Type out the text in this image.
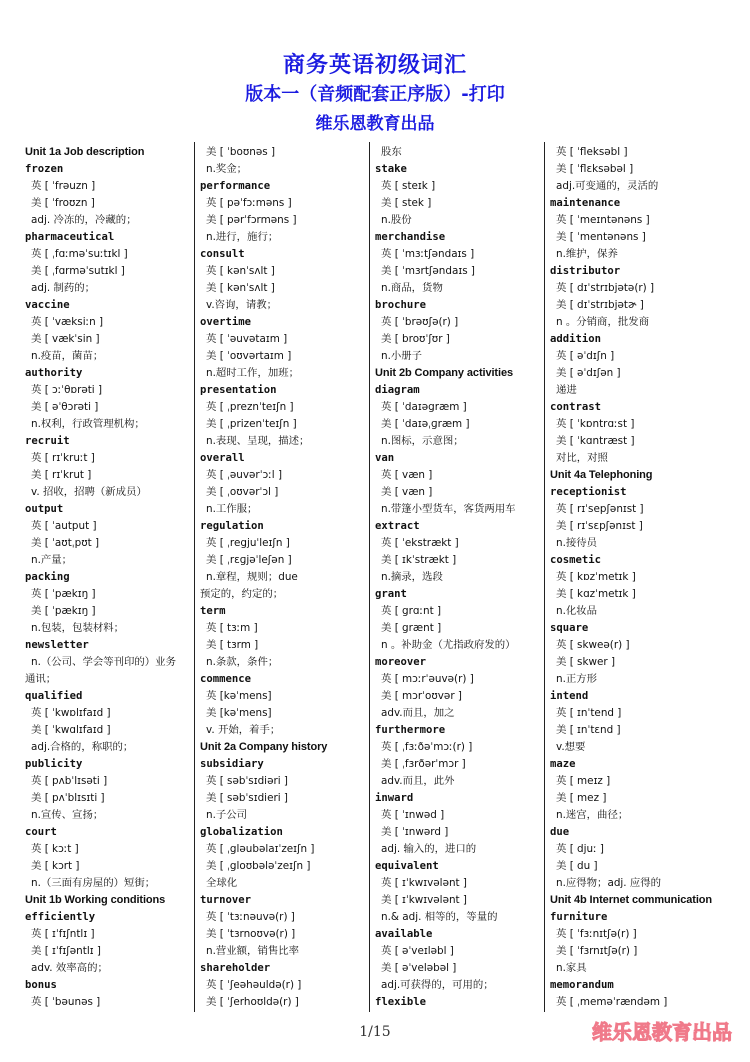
商务英语初级词汇
版本一（音频配套正序版）-打印
维乐恩教育出品
Unit 1a Job description
frozen
英 [ ˈfrəuzn ]
美 [ ˈfroʊzn ]
adj. 冷冻的，冷藏的；
pharmaceutical
英 [ ˌfɑːməˈsuːtɪkl ]
美 [ ˌfɑrməˈsutɪkl ]
adj. 制药的；
vaccine
英 [ ˈvæksiːn ]
美 [ vækˈsin ]
n.疫苗，菌苗；
authority
英 [ ɔːˈθɒrəti ]
美 [ əˈθɔrəti ]
n.权利，行政管理机构；
recruit
英 [ rɪˈkruːt ]
美 [ rɪˈkrut ]
v. 招收，招聘（新成员）
output
英 [ ˈautput ]
美 [ ˈaʊtˌpʊt ]
n.产量；
packing
英 [ ˈpækɪŋ ]
美 [ ˈpækɪŋ ]
n.包装，包装材料；
newsletter
n.（公司、学会等刊印的）业务
通讯；
qualified
英 [ ˈkwɒlɪfaɪd ]
美 [ ˈkwɑlɪfaɪd ]
adj.合格的，称职的；
publicity
英 [ pʌbˈlɪsəti ]
美 [ pʌˈblɪsɪti ]
n.宣传、宣扬；
court
英 [ kɔːt ]
美 [ kɔrt ]
n.（三面有房屋的）短街；
Unit 1b Working conditions
efficiently
英 [ ɪˈfɪʃntlɪ ]
美 [ ɪˈfɪʃəntlɪ ]
adv. 效率高的；
bonus
英 [ ˈbəunəs ]
美 [ ˈboʊnəs ]
n.奖金；
performance
英 [ pəˈfɔːməns ]
美 [ pərˈfɔrməns ]
n.进行，施行；
consult
英 [ kənˈsʌlt ]
美 [ kənˈsʌlt ]
v.咨询，请教；
overtime
英 [ ˈəuvətaɪm ]
美 [ ˈoʊvərtaɪm ]
n.超时工作，加班；
presentation
英 [ ˌpreznˈteɪʃn ]
美 [ ˌprizenˈteɪʃn ]
n.表现、呈现，描述；
overall
英 [ ˌəuvərˈɔːl ]
美 [ ˌoʊvərˈɔl ]
n.工作服；
regulation
英 [ ˌregjuˈleɪʃn ]
美 [ ˌrɛɡjəˈleʃən ]
n.章程，规则；due
预定的，约定的；
term
英 [ tɜːm ]
美 [ tɜrm ]
n.条款，条件；
commence
英 [kəˈmens]
美 [kəˈmens]
v. 开始，着手；
Unit 2a Company history
subsidiary
英 [ səbˈsɪdiəri ]
美 [ səbˈsɪdieri ]
n.子公司
globalization
英 [ ˌgləubəlaɪˈzeɪʃn ]
美 [ ˌgloʊbələˈzeɪʃn ]
全球化
turnover
英 [ ˈtɜːnəuvə(r) ]
美 [ ˈtɜrnoʊvə(r) ]
n.营业额，销售比率
shareholder
英 [ ˈʃeəhəuldə(r) ]
美 [ ˈʃerhoʊldə(r) ]
股东
stake
英 [ steɪk ]
美 [ stek ]
n.股份
merchandise
英 [ ˈmɜːtʃəndaɪs ]
美 [ ˈmɜrtʃəndaɪs ]
n.商品，货物
brochure
英 [ ˈbrəʊʃə(r) ]
美 [ broʊˈʃʊr ]
n.小册子
Unit 2b Company activities
diagram
英 [ ˈdaɪəgræm ]
美 [ ˈdaɪəˌɡræm ]
n.图标，示意图；
van
英 [ væn ]
美 [ væn ]
n.带篷小型货车，客货两用车
extract
英 [ ˈekstrækt ]
美 [ ɪkˈstrækt ]
n.摘录，选段
grant
英 [ grɑːnt ]
美 [ grænt ]
n 。补助金（尤指政府发的）
moreover
英 [ mɔːrˈəuvə(r) ]
美 [ mɔrˈoʊvər ]
adv.而且，加之
furthermore
英 [ ˌfɜːðəˈmɔː(r) ]
美 [ ˌfɜrðərˈmɔr ]
adv.而且，此外
inward
英 [ ˈɪnwəd ]
美 [ ˈɪnwərd ]
adj. 输入的，进口的
equivalent
英 [ ɪˈkwɪvələnt ]
美 [ ɪˈkwɪvələnt ]
n.& adj. 相等的，等量的
available
英 [ əˈveɪləbl ]
美 [ əˈveləbəl ]
adj.可获得的，可用的；
flexible
英 [ ˈfleksəbl ]
美 [ ˈflɛksəbəl ]
adj.可变通的，灵活的
maintenance
英 [ ˈmeɪntənəns ]
美 [ ˈmentənəns ]
n.维护，保养
distributor
英 [ dɪˈstrɪbjətə(r) ]
美 [ dɪˈstrɪbjətɚ ]
n 。分销商，批发商
addition
英 [ əˈdɪʃn ]
美 [ əˈdɪʃən ]
递进
contrast
英 [ ˈkɒntrɑːst ]
美 [ ˈkɑntræst ]
对比，对照
Unit 4a Telephoning
receptionist
英 [ rɪˈsepʃənɪst ]
美 [ rɪˈsɛpʃənɪst ]
n.接待员
cosmetic
英 [ kɒzˈmetɪk ]
美 [ kɑzˈmetɪk ]
n.化妆品
square
英 [ skweə(r) ]
美 [ skwer ]
n.正方形
intend
英 [ ɪnˈtend ]
美 [ ɪnˈtɛnd ]
v.想要
maze
英 [ meɪz ]
美 [ mez ]
n.迷宫，曲径；
due
英 [ djuː ]
美 [ du ]
n.应得物；adj. 应得的
Unit 4b Internet communication
furniture
英 [ ˈfɜːnɪtʃə(r) ]
美 [ ˈfɜrnɪtʃə(r) ]
n.家具
memorandum
英 [ ˌmeməˈrændəm ]
1/15	维乐恩教育出品
